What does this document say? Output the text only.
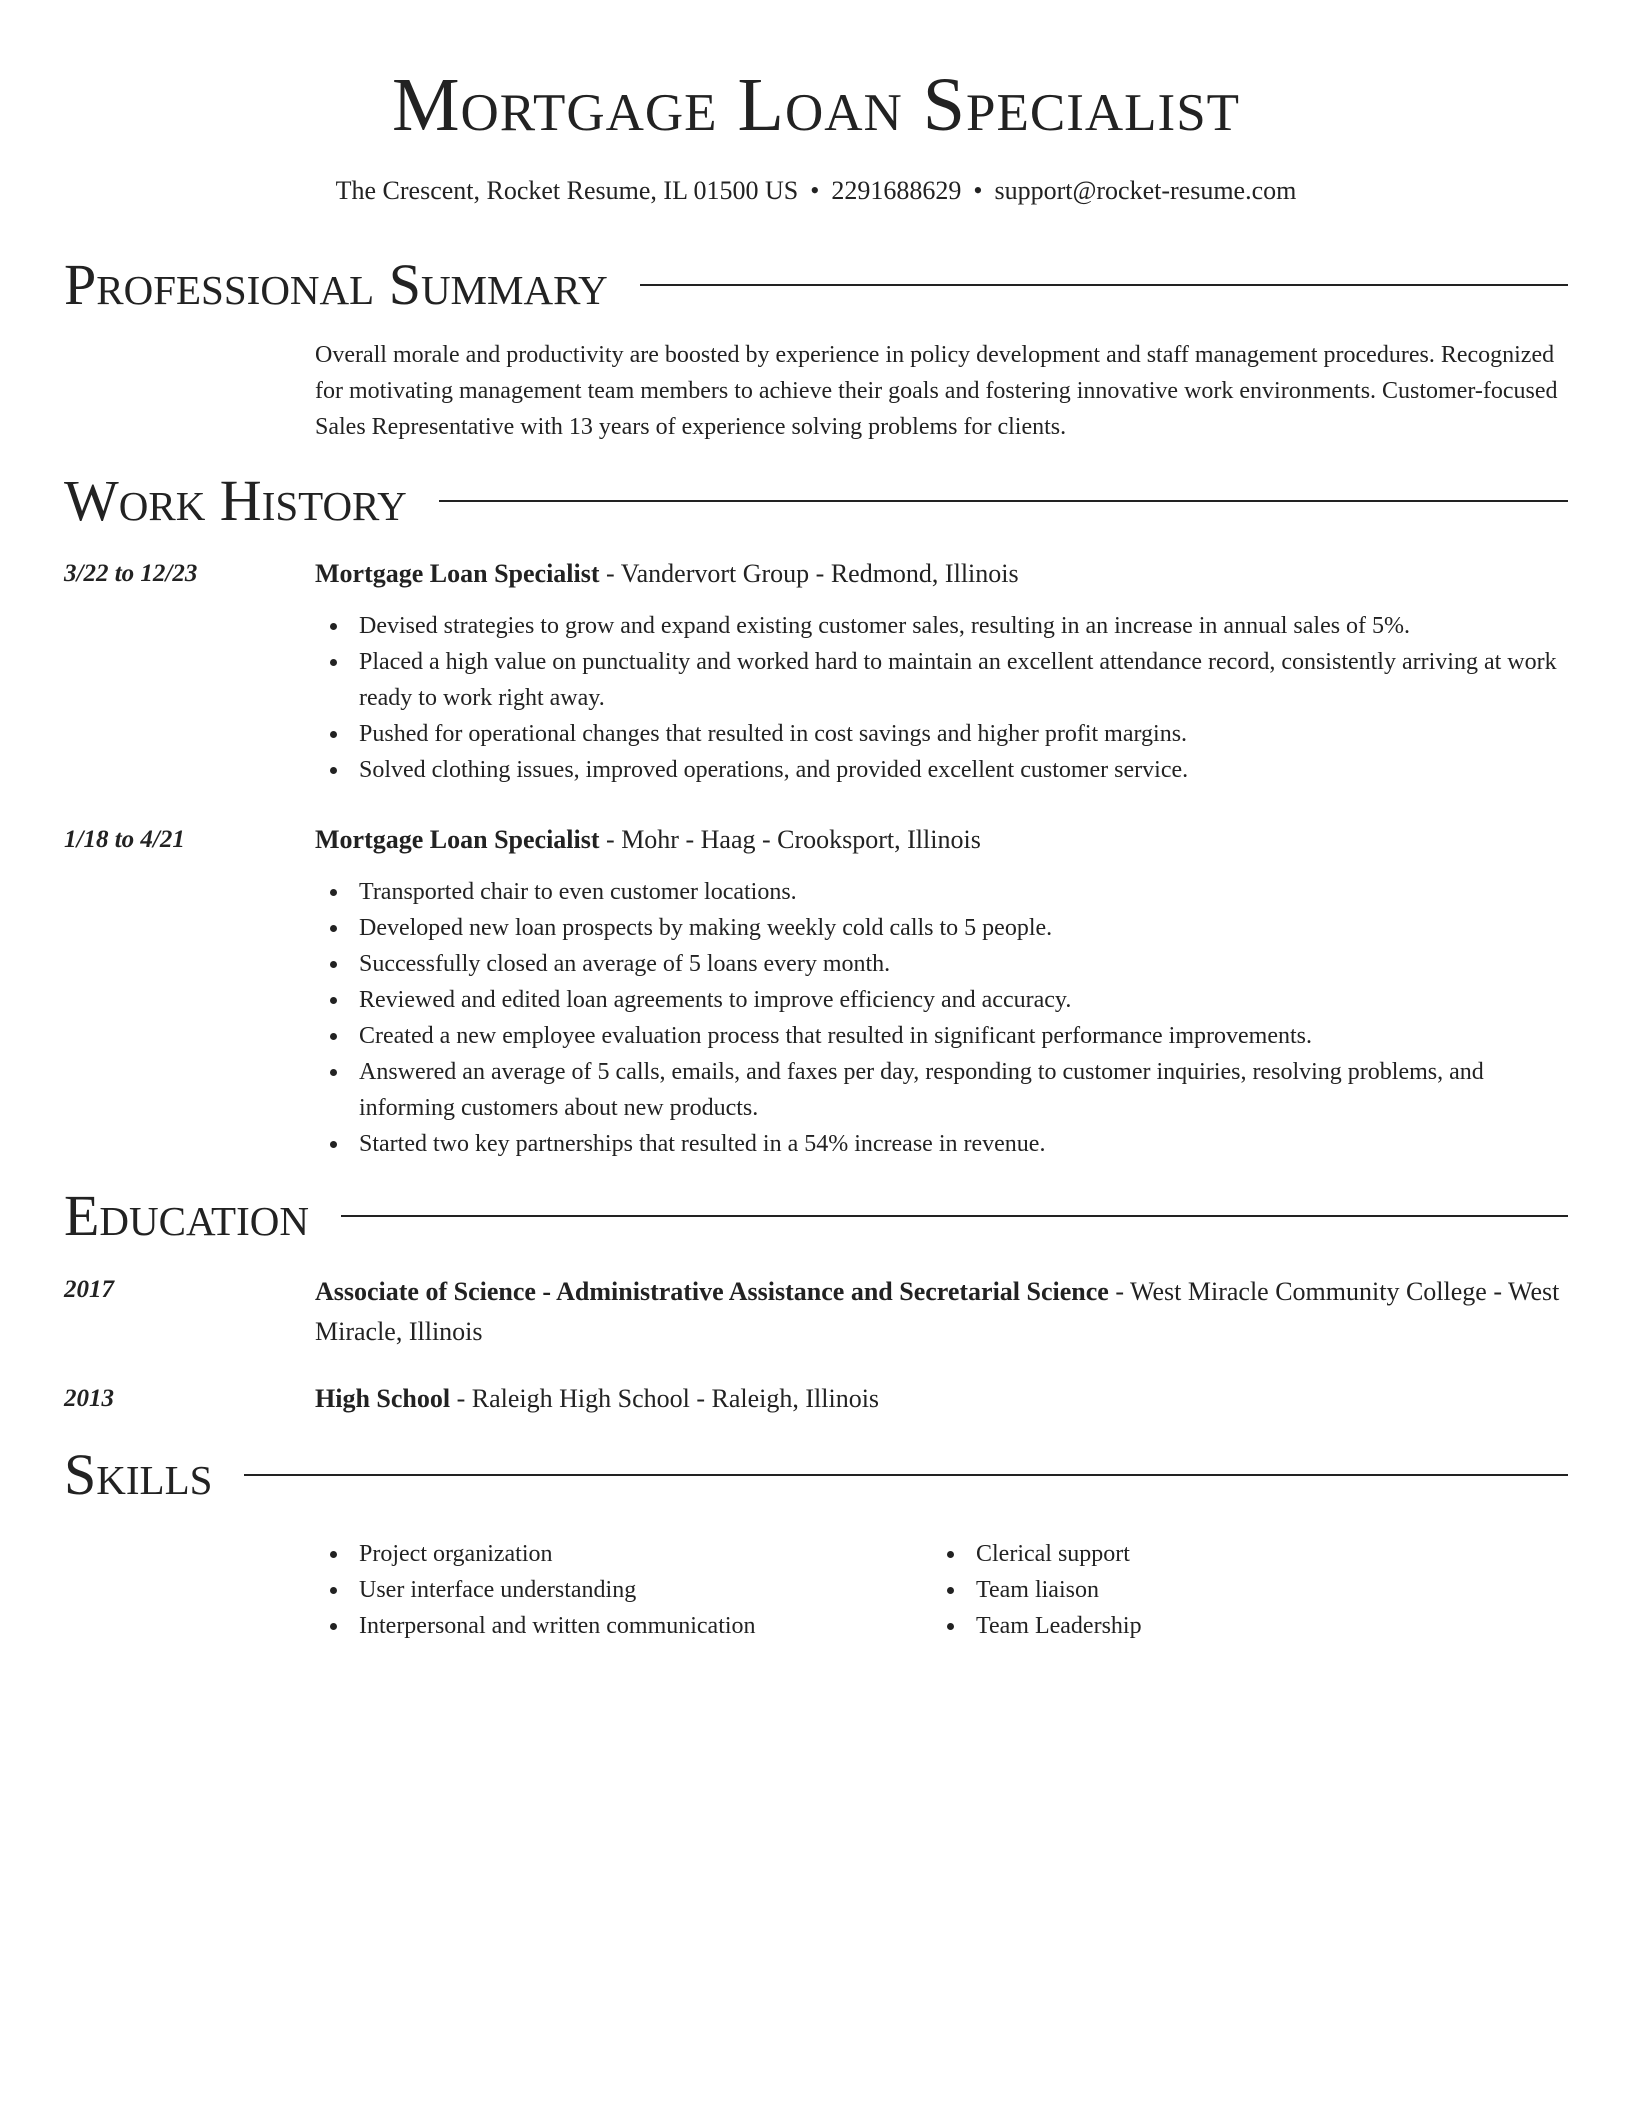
Mortgage Loan Specialist
The Crescent, Rocket Resume, IL 01500 US • 2291688629 • support@rocket-resume.com
Professional Summary

Overall morale and productivity are boosted by experience in policy development and staff management procedures. Recognized for motivating management team members to achieve their goals and fostering innovative work environments. Customer-focused Sales Representative with 13 years of experience solving problems for clients.

Work History
3/22 to 12/23	Mortgage Loan Specialist - Vandervort Group - Redmond, Illinois
Devised strategies to grow and expand existing customer sales, resulting in an increase in annual sales of 5%.
Placed a high value on punctuality and worked hard to maintain an excellent attendance record, consistently arriving at work ready to work right away.
Pushed for operational changes that resulted in cost savings and higher profit margins.
Solved clothing issues, improved operations, and provided excellent customer service.
1/18 to 4/21	Mortgage Loan Specialist - Mohr - Haag - Crooksport, Illinois
Transported chair to even customer locations.
Developed new loan prospects by making weekly cold calls to 5 people.
Successfully closed an average of 5 loans every month.
Reviewed and edited loan agreements to improve efficiency and accuracy.
Created a new employee evaluation process that resulted in significant performance improvements.
Answered an average of 5 calls, emails, and faxes per day, responding to customer inquiries, resolving problems, and informing customers about new products.
Started two key partnerships that resulted in a 54% increase in revenue.
Education
2017	Associate of Science - Administrative Assistance and Secretarial Science - West Miracle Community College - West Miracle, Illinois
2013	High School - Raleigh High School - Raleigh, Illinois
Skills
Project organization
User interface understanding
Interpersonal and written communication
Clerical support
Team liaison
Team Leadership
